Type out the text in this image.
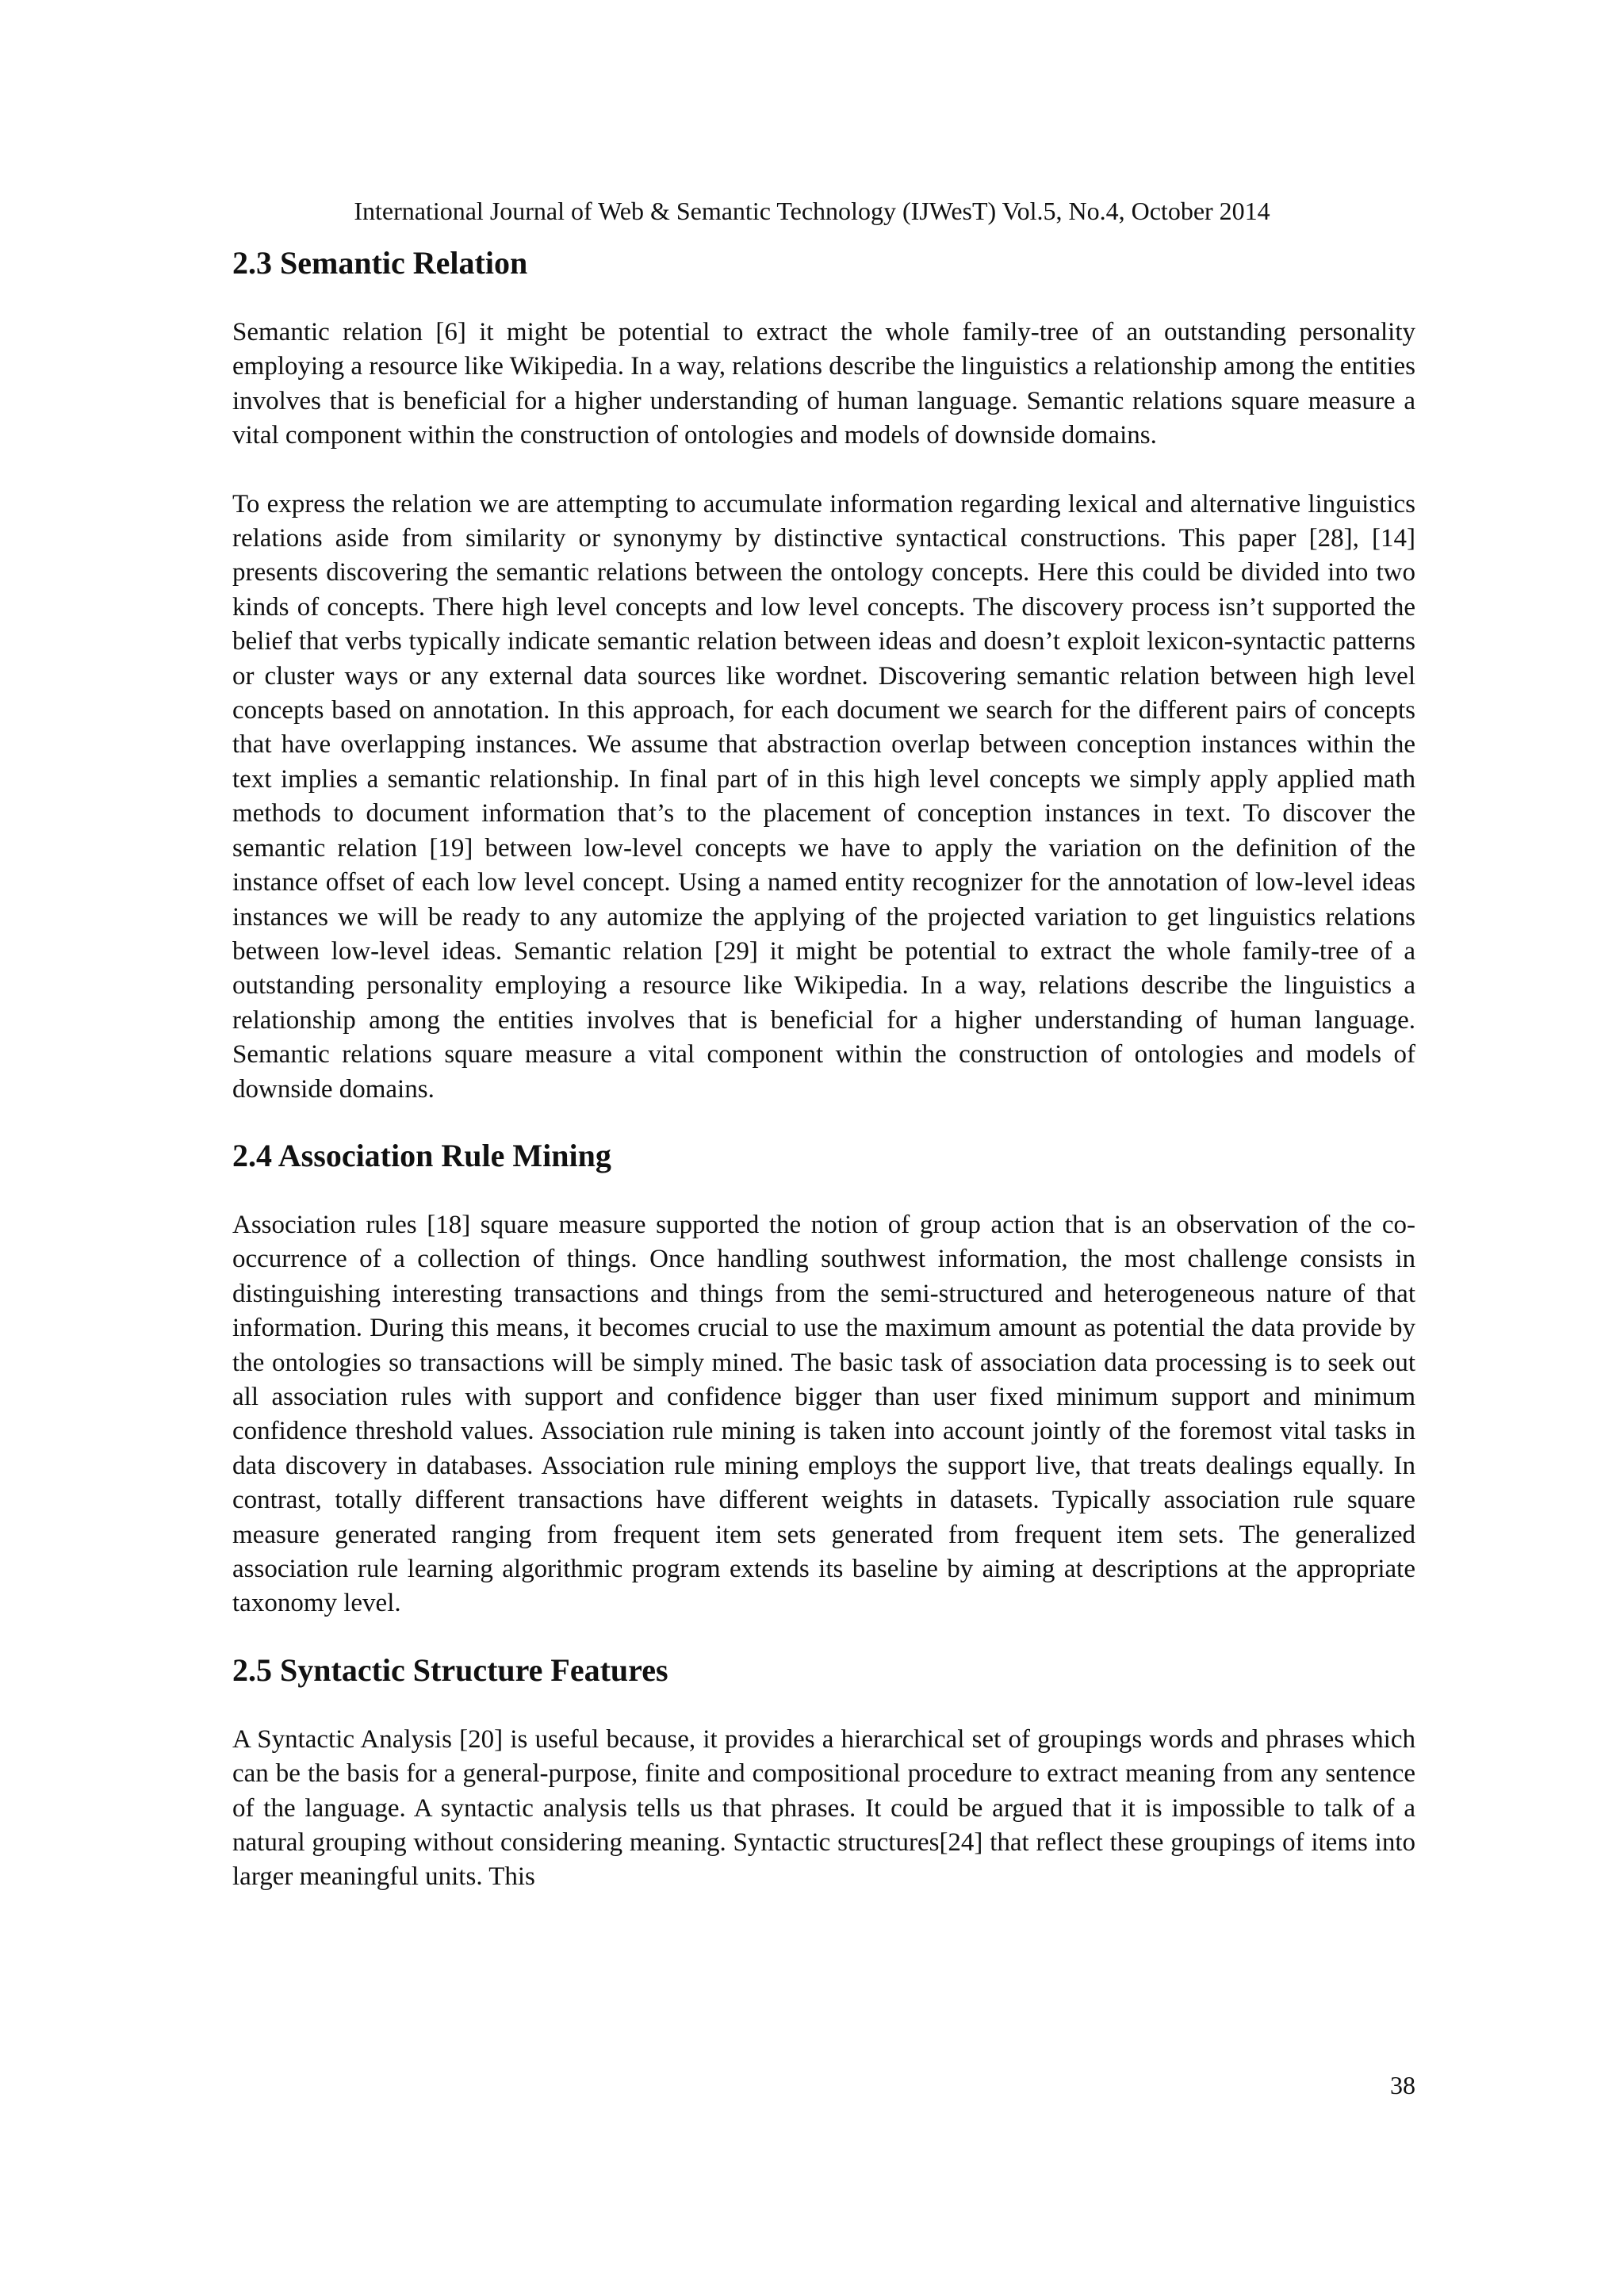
International Journal of Web & Semantic Technology (IJWesT) Vol.5, No.4, October 2014
2.3 Semantic Relation

Semantic relation [6] it might be potential to extract the whole family-tree of an outstanding personality employing a resource like Wikipedia. In a way, relations describe the linguistics a relationship among the entities involves that is beneficial for a higher understanding of human language. Semantic relations square measure a vital component within the construction of ontologies and models of downside domains.

To express the relation we are attempting to accumulate information regarding lexical and alternative linguistics relations aside from similarity or synonymy by distinctive syntactical constructions. This paper [28], [14] presents discovering the semantic relations between the ontology concepts. Here this could be divided into two kinds of concepts. There high level concepts and low level concepts. The discovery process isn’t supported the belief that verbs typically indicate semantic relation between ideas and doesn’t exploit lexicon-syntactic patterns or cluster ways or any external data sources like wordnet. Discovering semantic relation between high level concepts based on annotation. In this approach, for each document we search for the different pairs of concepts that have overlapping instances. We assume that abstraction overlap between conception instances within the text implies a semantic relationship. In final part of in this high level concepts we simply apply applied math methods to document information that’s to the placement of conception instances in text. To discover the semantic relation [19] between low-level concepts we have to apply the variation on the definition of the instance offset of each low level concept. Using a named entity recognizer for the annotation of low-level ideas instances we will be ready to any automize the applying of the projected variation to get linguistics relations between low-level ideas. Semantic relation [29] it might be potential to extract the whole family-tree of a outstanding personality employing a resource like Wikipedia. In a way, relations describe the linguistics a relationship among the entities involves that is beneficial for a higher understanding of human language. Semantic relations square measure a vital component within the construction of ontologies and models of downside domains.

2.4 Association Rule Mining

Association rules [18] square measure supported the notion of group action that is an observation of the co-occurrence of a collection of things. Once handling southwest information, the most challenge consists in distinguishing interesting transactions and things from the semi-structured and heterogeneous nature of that information. During this means, it becomes crucial to use the maximum amount as potential the data provide by the ontologies so transactions will be simply mined. The basic task of association data processing is to seek out all association rules with support and confidence bigger than user fixed minimum support and minimum confidence threshold values. Association rule mining is taken into account jointly of the foremost vital tasks in data discovery in databases. Association rule mining employs the support live, that treats dealings equally. In contrast, totally different transactions have different weights in datasets. Typically association rule square measure generated ranging from frequent item sets generated from frequent item sets. The generalized association rule learning algorithmic program extends its baseline by aiming at descriptions at the appropriate taxonomy level.

2.5 Syntactic Structure Features

A Syntactic Analysis [20] is useful because, it provides a hierarchical set of groupings words and phrases which can be the basis for a general-purpose, finite and compositional procedure to extract meaning from any sentence of the language. A syntactic analysis tells us that phrases. It could be argued that it is impossible to talk of a natural grouping without considering meaning. Syntactic structures[24] that reflect these groupings of items into larger meaningful units. This

38
